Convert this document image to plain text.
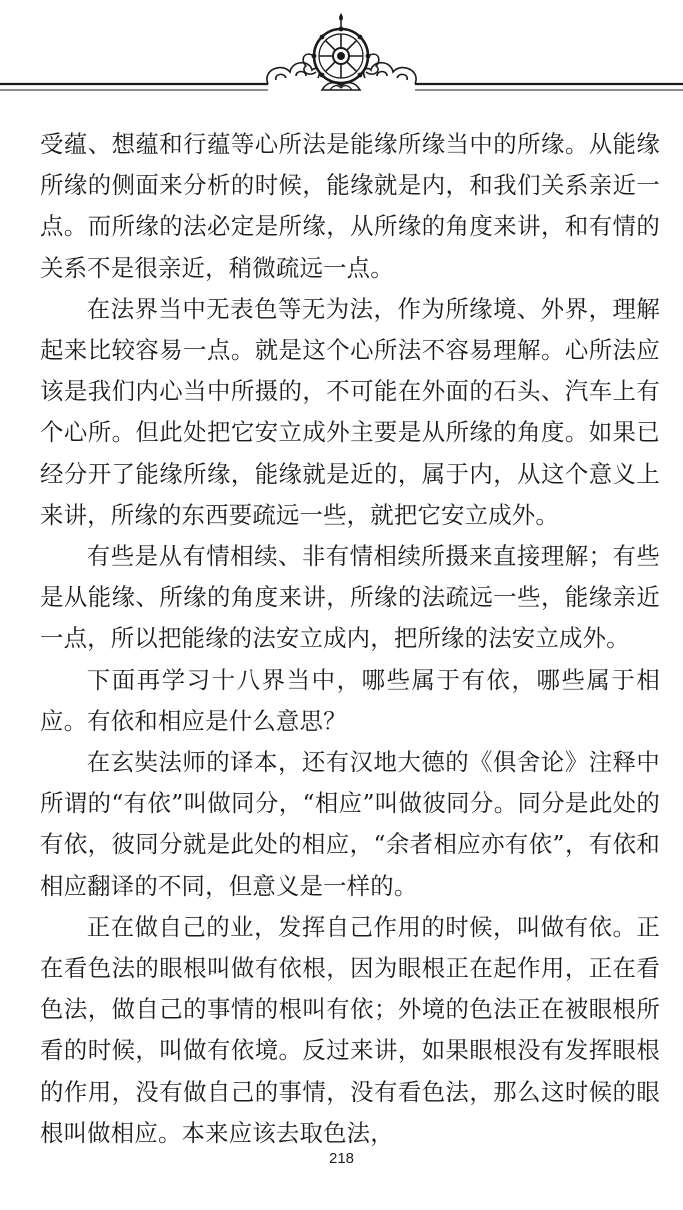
受蕴、想蕴和行蕴等心所法是能缘所缘当中的所缘。从能缘所缘的侧面来分析的时候，能缘就是内，和我们关系亲近一点。而所缘的法必定是所缘，从所缘的角度来讲，和有情的关系不是很亲近，稍微疏远一点。

在法界当中无表色等无为法，作为所缘境、外界，理解起来比较容易一点。就是这个心所法不容易理解。心所法应该是我们内心当中所摄的，不可能在外面的石头、汽车上有个心所。但此处把它安立成外主要是从所缘的角度。如果已经分开了能缘所缘，能缘就是近的，属于内，从这个意义上来讲，所缘的东西要疏远一些，就把它安立成外。

有些是从有情相续、非有情相续所摄来直接理解；有些是从能缘、所缘的角度来讲，所缘的法疏远一些，能缘亲近一点，所以把能缘的法安立成内，把所缘的法安立成外。

下面再学习十八界当中，哪些属于有依，哪些属于相应。有依和相应是什么意思？

在玄奘法师的译本，还有汉地大德的《俱舍论》注释中所谓的“有依”叫做同分，“相应”叫做彼同分。同分是此处的有依，彼同分就是此处的相应，“余者相应亦有依”，有依和相应翻译的不同，但意义是一样的。

正在做自己的业，发挥自己作用的时候，叫做有依。正在看色法的眼根叫做有依根，因为眼根正在起作用，正在看色法，做自己的事情的根叫有依；外境的色法正在被眼根所看的时候，叫做有依境。反过来讲，如果眼根没有发挥眼根的作用，没有做自己的事情，没有看色法，那么这时候的眼根叫做相应。本来应该去取色法，

218
